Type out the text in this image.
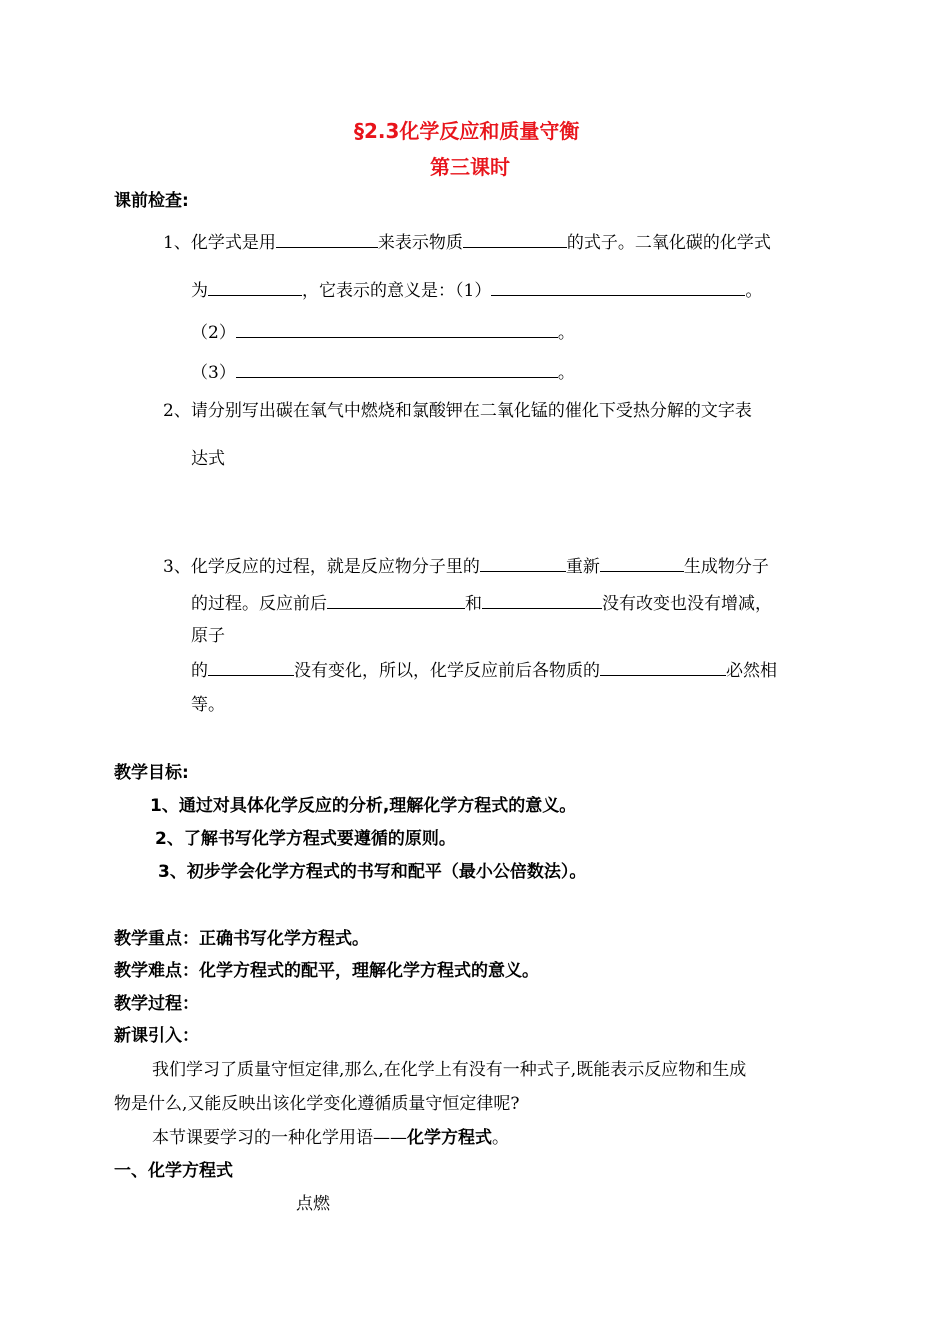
§2.3化学反应和质量守衡
第三课时
课前检查:
1、化学式是用	来表示物质	的式子。二氧化碳的化学式
为	，它表示的意义是：（1）	。
（2）	。
（3）	。
2、请分别写出碳在氧气中燃烧和氯酸钾在二氧化锰的催化下受热分解的文字表
达式
3、化学反应的过程，就是反应物分子里的	重新	生成物分子
的过程。反应前后	和	没有改变也没有增减，
原子
的	没有变化，所以，化学反应前后各物质的	必然相
等。
教学目标:
1、通过对具体化学反应的分析,理解化学方程式的意义。
2、了解书写化学方程式要遵循的原则。
3、初步学会化学方程式的书写和配平（最小公倍数法）。
教学重点：正确书写化学方程式。
教学难点：化学方程式的配平，理解化学方程式的意义。
教学过程：
新课引入：
我们学习了质量守恒定律,那么,在化学上有没有一种式子,既能表示反应物和生成
物是什么,又能反映出该化学变化遵循质量守恒定律呢?
本节课要学习的一种化学用语——化学方程式。
一、化学方程式
点燃
